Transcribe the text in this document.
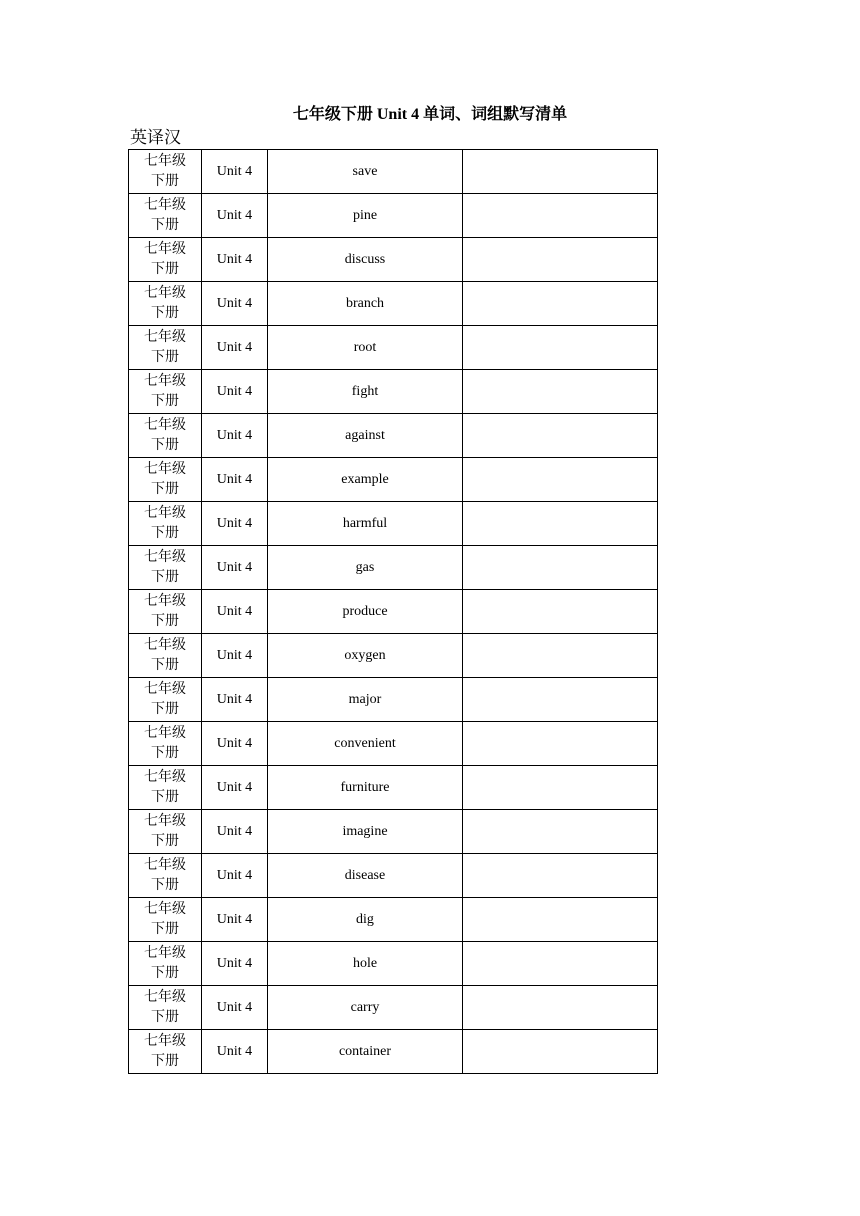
七年级下册 Unit 4 单词、词组默写清单
英译汉
七年级
下册	Unit 4	save	

七年级
下册	Unit 4	pine	

七年级
下册	Unit 4	discuss	

七年级
下册	Unit 4	branch	

七年级
下册	Unit 4	root	

七年级
下册	Unit 4	fight	

七年级
下册	Unit 4	against	

七年级
下册	Unit 4	example	

七年级
下册	Unit 4	harmful	

七年级
下册	Unit 4	gas	

七年级
下册	Unit 4	produce	

七年级
下册	Unit 4	oxygen	

七年级
下册	Unit 4	major	

七年级
下册	Unit 4	convenient	

七年级
下册	Unit 4	furniture	

七年级
下册	Unit 4	imagine	

七年级
下册	Unit 4	disease	

七年级
下册	Unit 4	dig	

七年级
下册	Unit 4	hole	

七年级
下册	Unit 4	carry	

七年级
下册	Unit 4	container	
